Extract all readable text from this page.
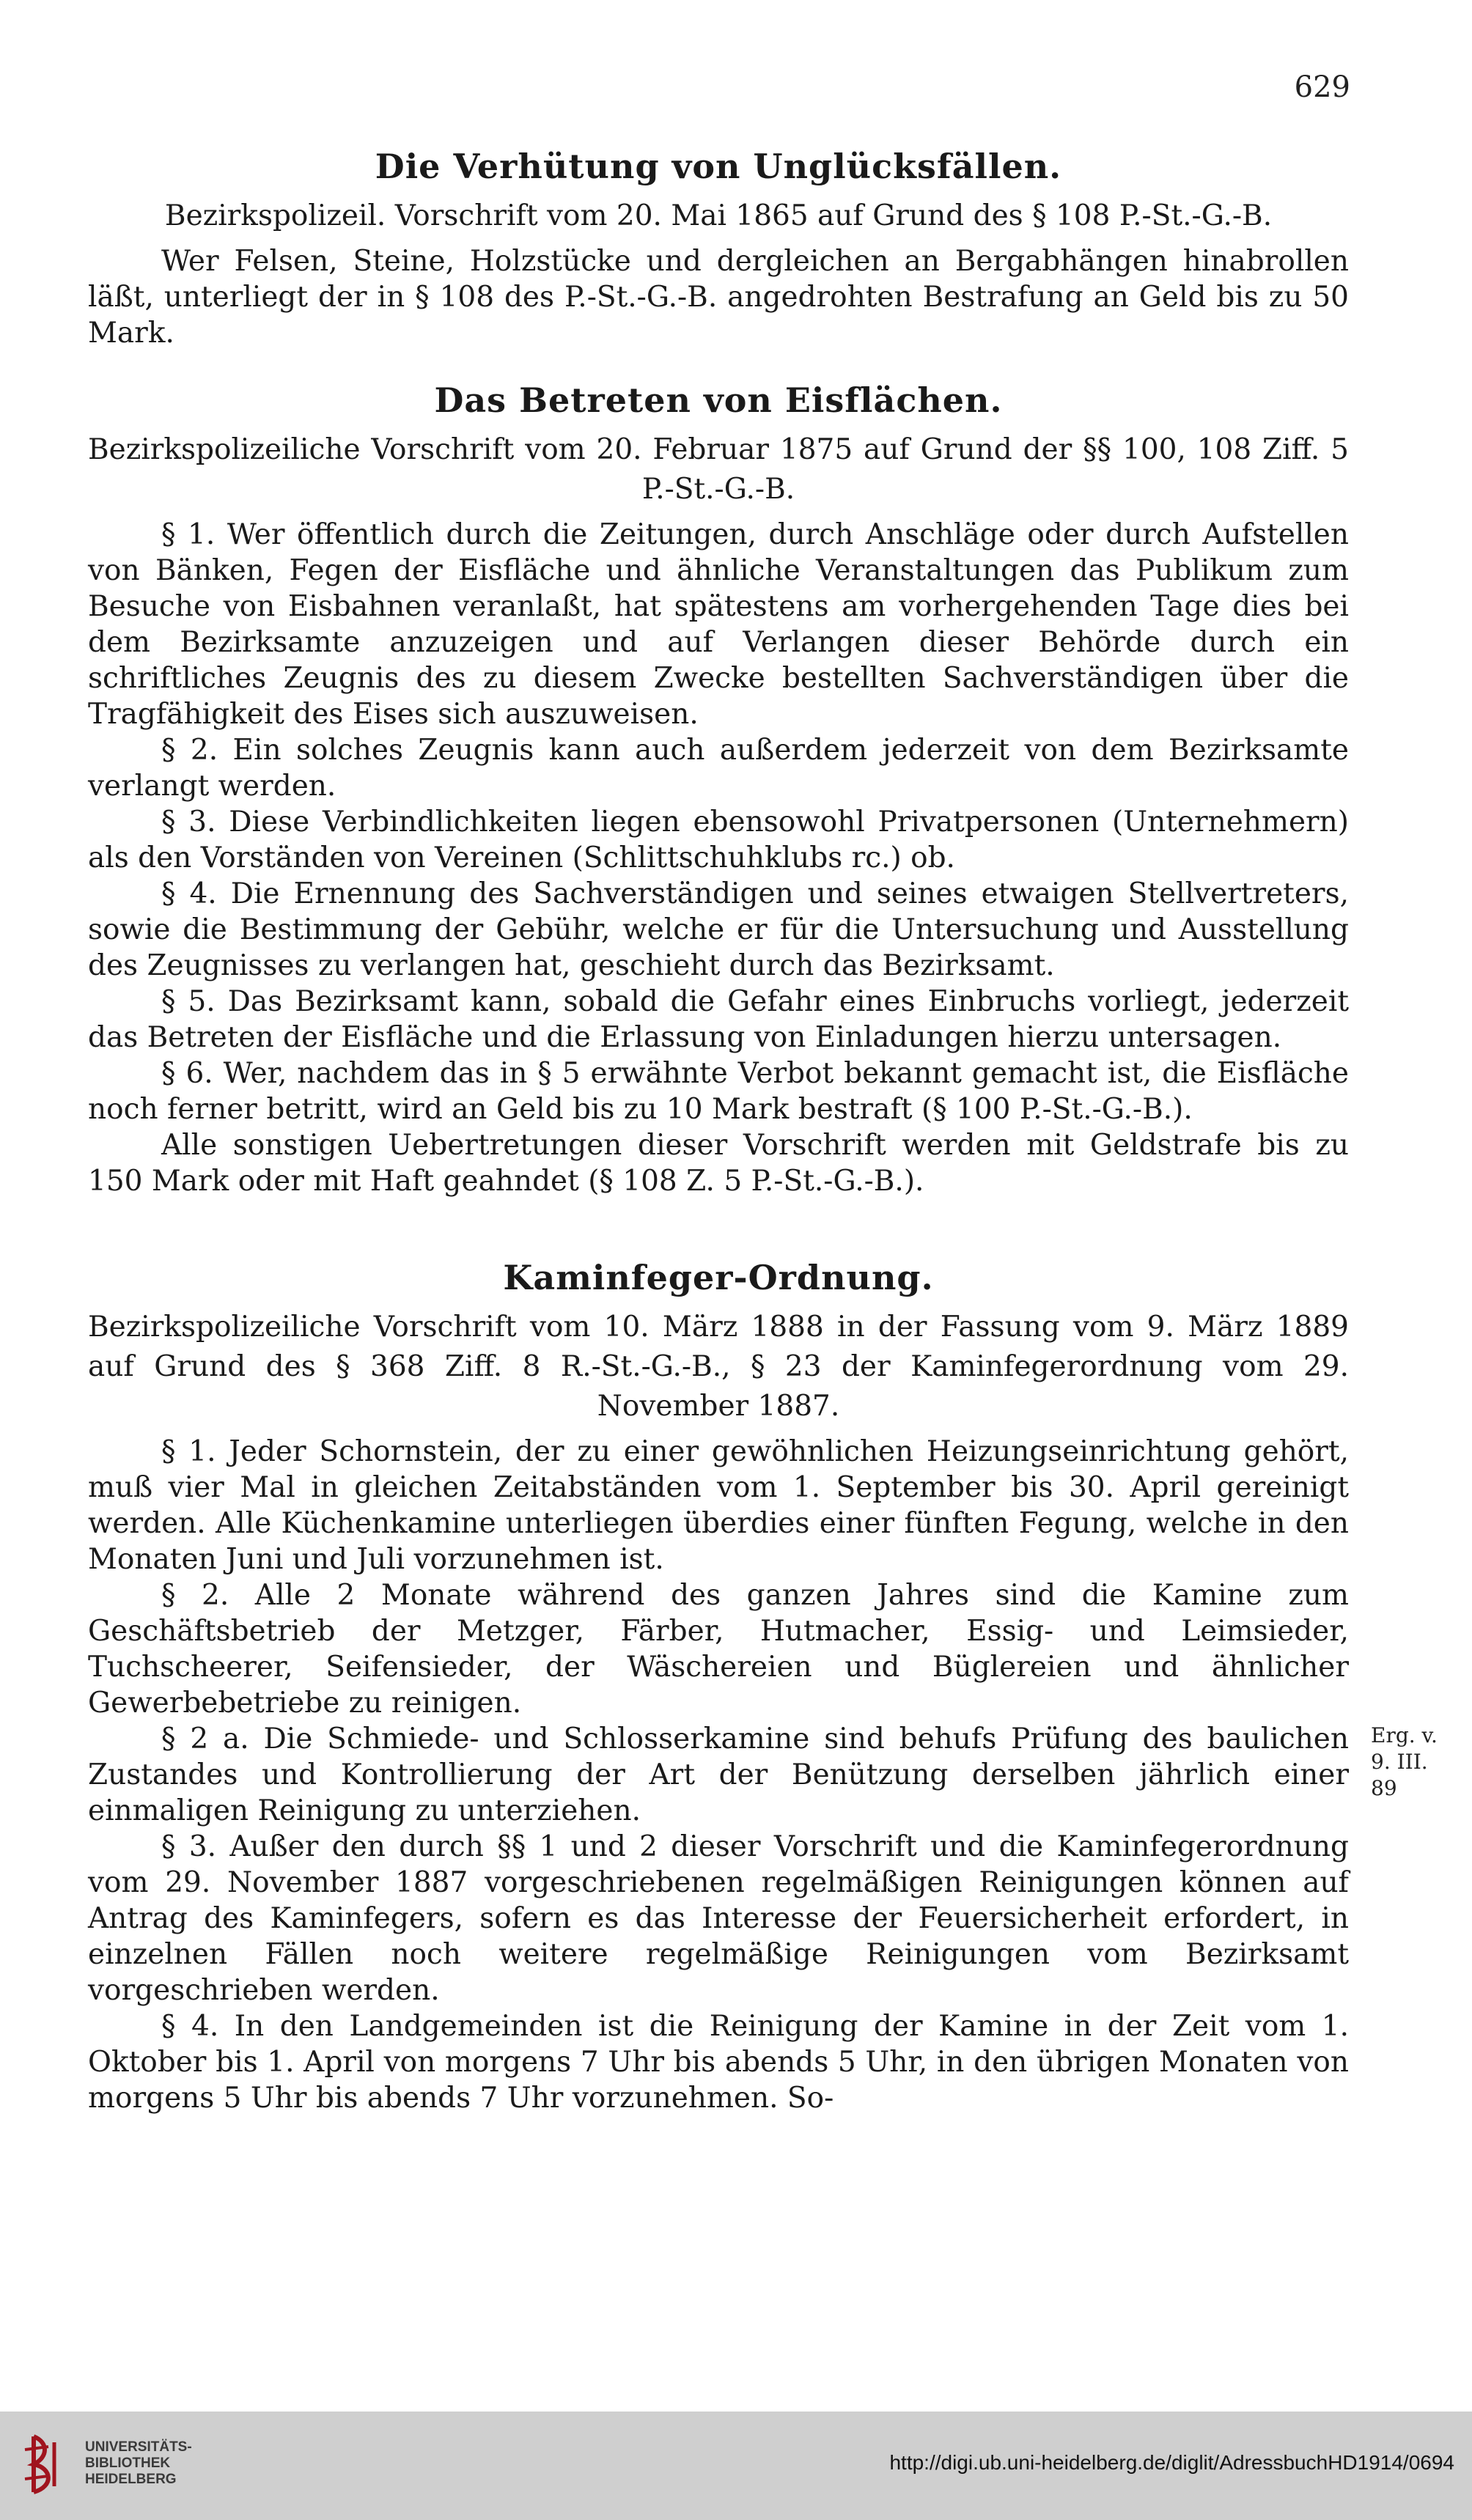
629
Die Verhütung von Unglücksfällen.

Bezirkspolizeil. Vorschrift vom 20. Mai 1865 auf Grund des § 108 P.-St.-G.-B.

Wer Felsen, Steine, Holzstücke und dergleichen an Bergabhängen hinabrollen läßt, unterliegt der in § 108 des P.-St.-G.-B. angedrohten Bestrafung an Geld bis zu 50 Mark.

Das Betreten von Eisflächen.

Bezirkspolizeiliche Vorschrift vom 20. Februar 1875 auf Grund der §§ 100, 108 Ziff. 5 P.-St.-G.-B.

§ 1. Wer öffentlich durch die Zeitungen, durch Anschläge oder durch Aufstellen von Bänken, Fegen der Eisfläche und ähnliche Veranstaltungen das Publikum zum Besuche von Eisbahnen veranlaßt, hat spätestens am vorhergehenden Tage dies bei dem Bezirksamte anzuzeigen und auf Verlangen dieser Behörde durch ein schriftliches Zeugnis des zu diesem Zwecke bestellten Sachverständigen über die Tragfähigkeit des Eises sich auszuweisen.

§ 2. Ein solches Zeugnis kann auch außerdem jederzeit von dem Bezirksamte verlangt werden.

§ 3. Diese Verbindlichkeiten liegen ebensowohl Privatpersonen (Unternehmern) als den Vorständen von Vereinen (Schlittschuhklubs rc.) ob.

§ 4. Die Ernennung des Sachverständigen und seines etwaigen Stellvertreters, sowie die Bestimmung der Gebühr, welche er für die Untersuchung und Ausstellung des Zeugnisses zu verlangen hat, geschieht durch das Bezirksamt.

§ 5. Das Bezirksamt kann, sobald die Gefahr eines Einbruchs vorliegt, jederzeit das Betreten der Eisfläche und die Erlassung von Einladungen hierzu untersagen.

§ 6. Wer, nachdem das in § 5 erwähnte Verbot bekannt gemacht ist, die Eisfläche noch ferner betritt, wird an Geld bis zu 10 Mark bestraft (§ 100 P.-St.-G.-B.).

Alle sonstigen Uebertretungen dieser Vorschrift werden mit Geldstrafe bis zu 150 Mark oder mit Haft geahndet (§ 108 Z. 5 P.-St.-G.-B.).

Kaminfeger-Ordnung.

Bezirkspolizeiliche Vorschrift vom 10. März 1888 in der Fassung vom 9. März 1889 auf Grund des § 368 Ziff. 8 R.-St.-G.-B., § 23 der Kaminfegerordnung vom 29. November 1887.

§ 1. Jeder Schornstein, der zu einer gewöhnlichen Heizungseinrichtung gehört, muß vier Mal in gleichen Zeitabständen vom 1. September bis 30. April gereinigt werden. Alle Küchenkamine unterliegen überdies einer fünften Fegung, welche in den Monaten Juni und Juli vorzunehmen ist.

§ 2. Alle 2 Monate während des ganzen Jahres sind die Kamine zum Geschäftsbetrieb der Metzger, Färber, Hutmacher, Essig- und Leimsieder, Tuchscheerer, Seifensieder, der Wäschereien und Büglereien und ähnlicher Gewerbebetriebe zu reinigen.

§ 2 a. Die Schmiede- und Schlosserkamine sind behufs Prüfung des baulichen Zustandes und Kontrollierung der Art der Benützung derselben jährlich einer einmaligen Reinigung zu unterziehen.

Erg. v. 9. III. 89

§ 3. Außer den durch §§ 1 und 2 dieser Vorschrift und die Kaminfegerordnung vom 29. November 1887 vorgeschriebenen regelmäßigen Reinigungen können auf Antrag des Kaminfegers, sofern es das Interesse der Feuersicherheit erfordert, in einzelnen Fällen noch weitere regelmäßige Reinigungen vom Bezirksamt vorgeschrieben werden.

§ 4. In den Landgemeinden ist die Reinigung der Kamine in der Zeit vom 1. Oktober bis 1. April von morgens 7 Uhr bis abends 5 Uhr, in den übrigen Monaten von morgens 5 Uhr bis abends 7 Uhr vorzunehmen. So-

UNIVERSITÄTS-
BIBLIOTHEK
HEIDELBERG
http://digi.ub.uni-heidelberg.de/diglit/AdressbuchHD1914/0694
